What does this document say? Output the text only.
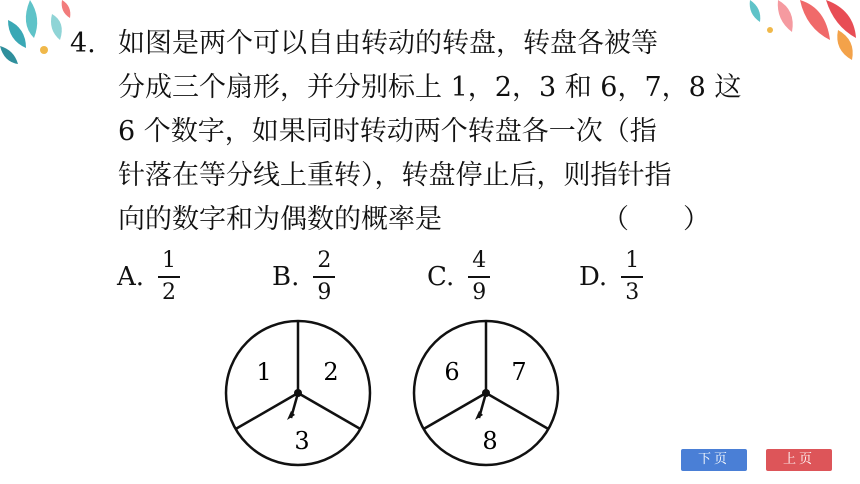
4. 如图是两个可以自由转动的转盘，转盘各被等
分成三个扇形，并分别标上 1，2，3 和 6，7，8 这
6 个数字，如果同时转动两个转盘各一次（指
针落在等分线上重转），转盘停止后，则指针指
向的数字和为偶数的概率是	（　　）
A. $\frac{1}{2}$	B. $\frac{2}{9}$	C. $\frac{4}{9}$	D. $\frac{1}{3}$
1 2
3
6 7
8
下页	上页
